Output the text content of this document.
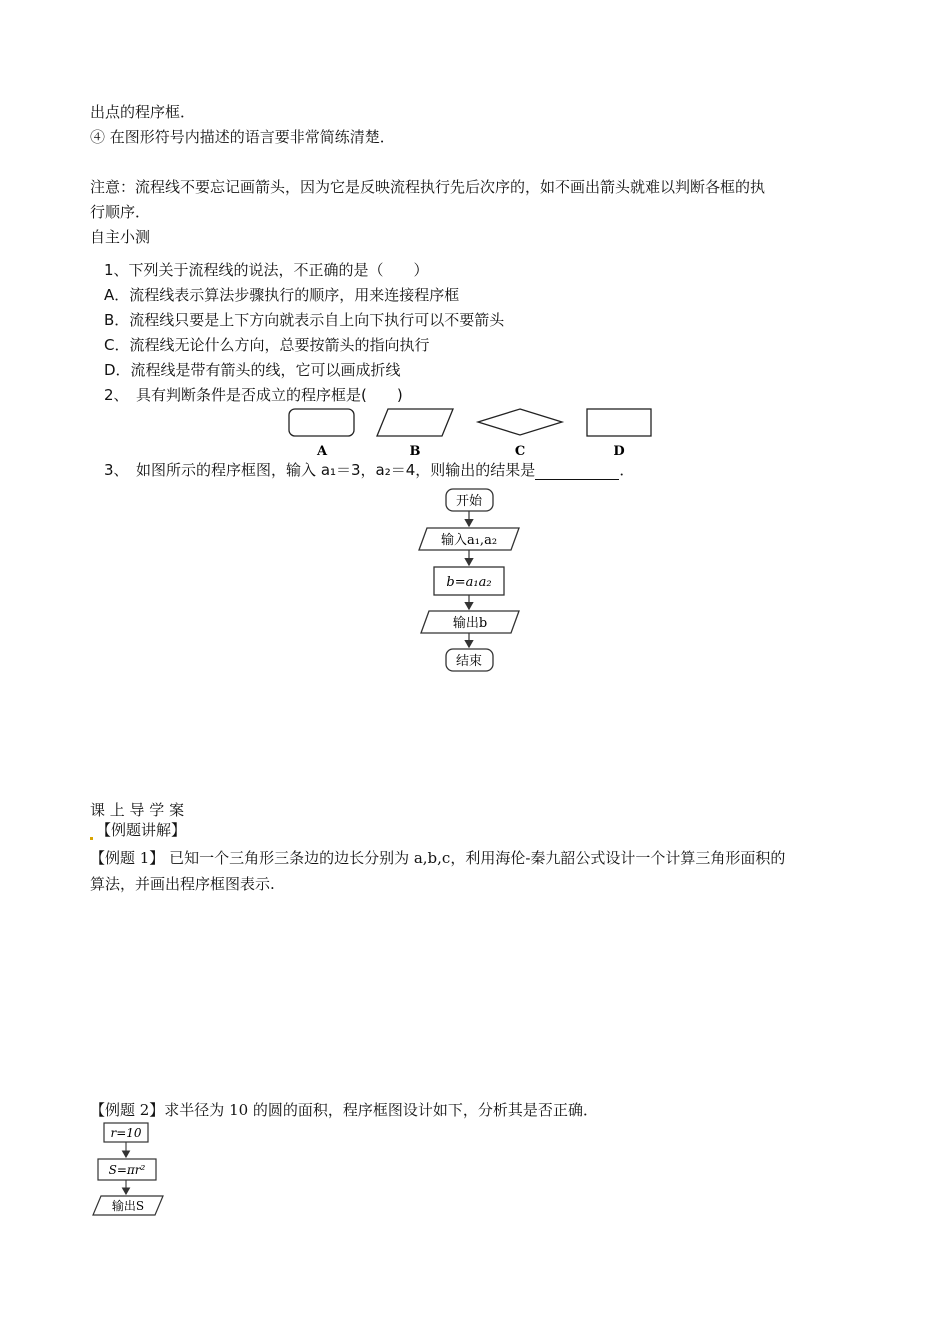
出点的程序框．
④ 在图形符号内描述的语言要非常简练清楚．
注意：流程线不要忘记画箭头，因为它是反映流程执行先后次序的，如不画出箭头就难以判断各框的执
行顺序．
自主小测
1、下列关于流程线的说法，不正确的是（　　）
A．流程线表示算法步骤执行的顺序，用来连接程序框
B．流程线只要是上下方向就表示自上向下执行可以不要箭头
C．流程线无论什么方向，总要按箭头的指向执行
D．流程线是带有箭头的线，它可以画成折线
2、　具有判断条件是否成立的程序框是(　　)
A	B	C	D
3、　如图所示的程序框图，输入 a₁＝3，a₂＝4，则输出的结果是	．
开始
输入a₁,a₂
b=a₁a₂
输出b
结束
课 上 导 学 案
【例题讲解】
【例题 1】 已知一个三角形三条边的边长分别为 a,b,c，利用海伦-秦九韶公式设计一个计算三角形面积的
算法，并画出程序框图表示.
【例题 2】求半径为 10 的圆的面积，程序框图设计如下，分析其是否正确．
r=10
S=πr²
输出S
